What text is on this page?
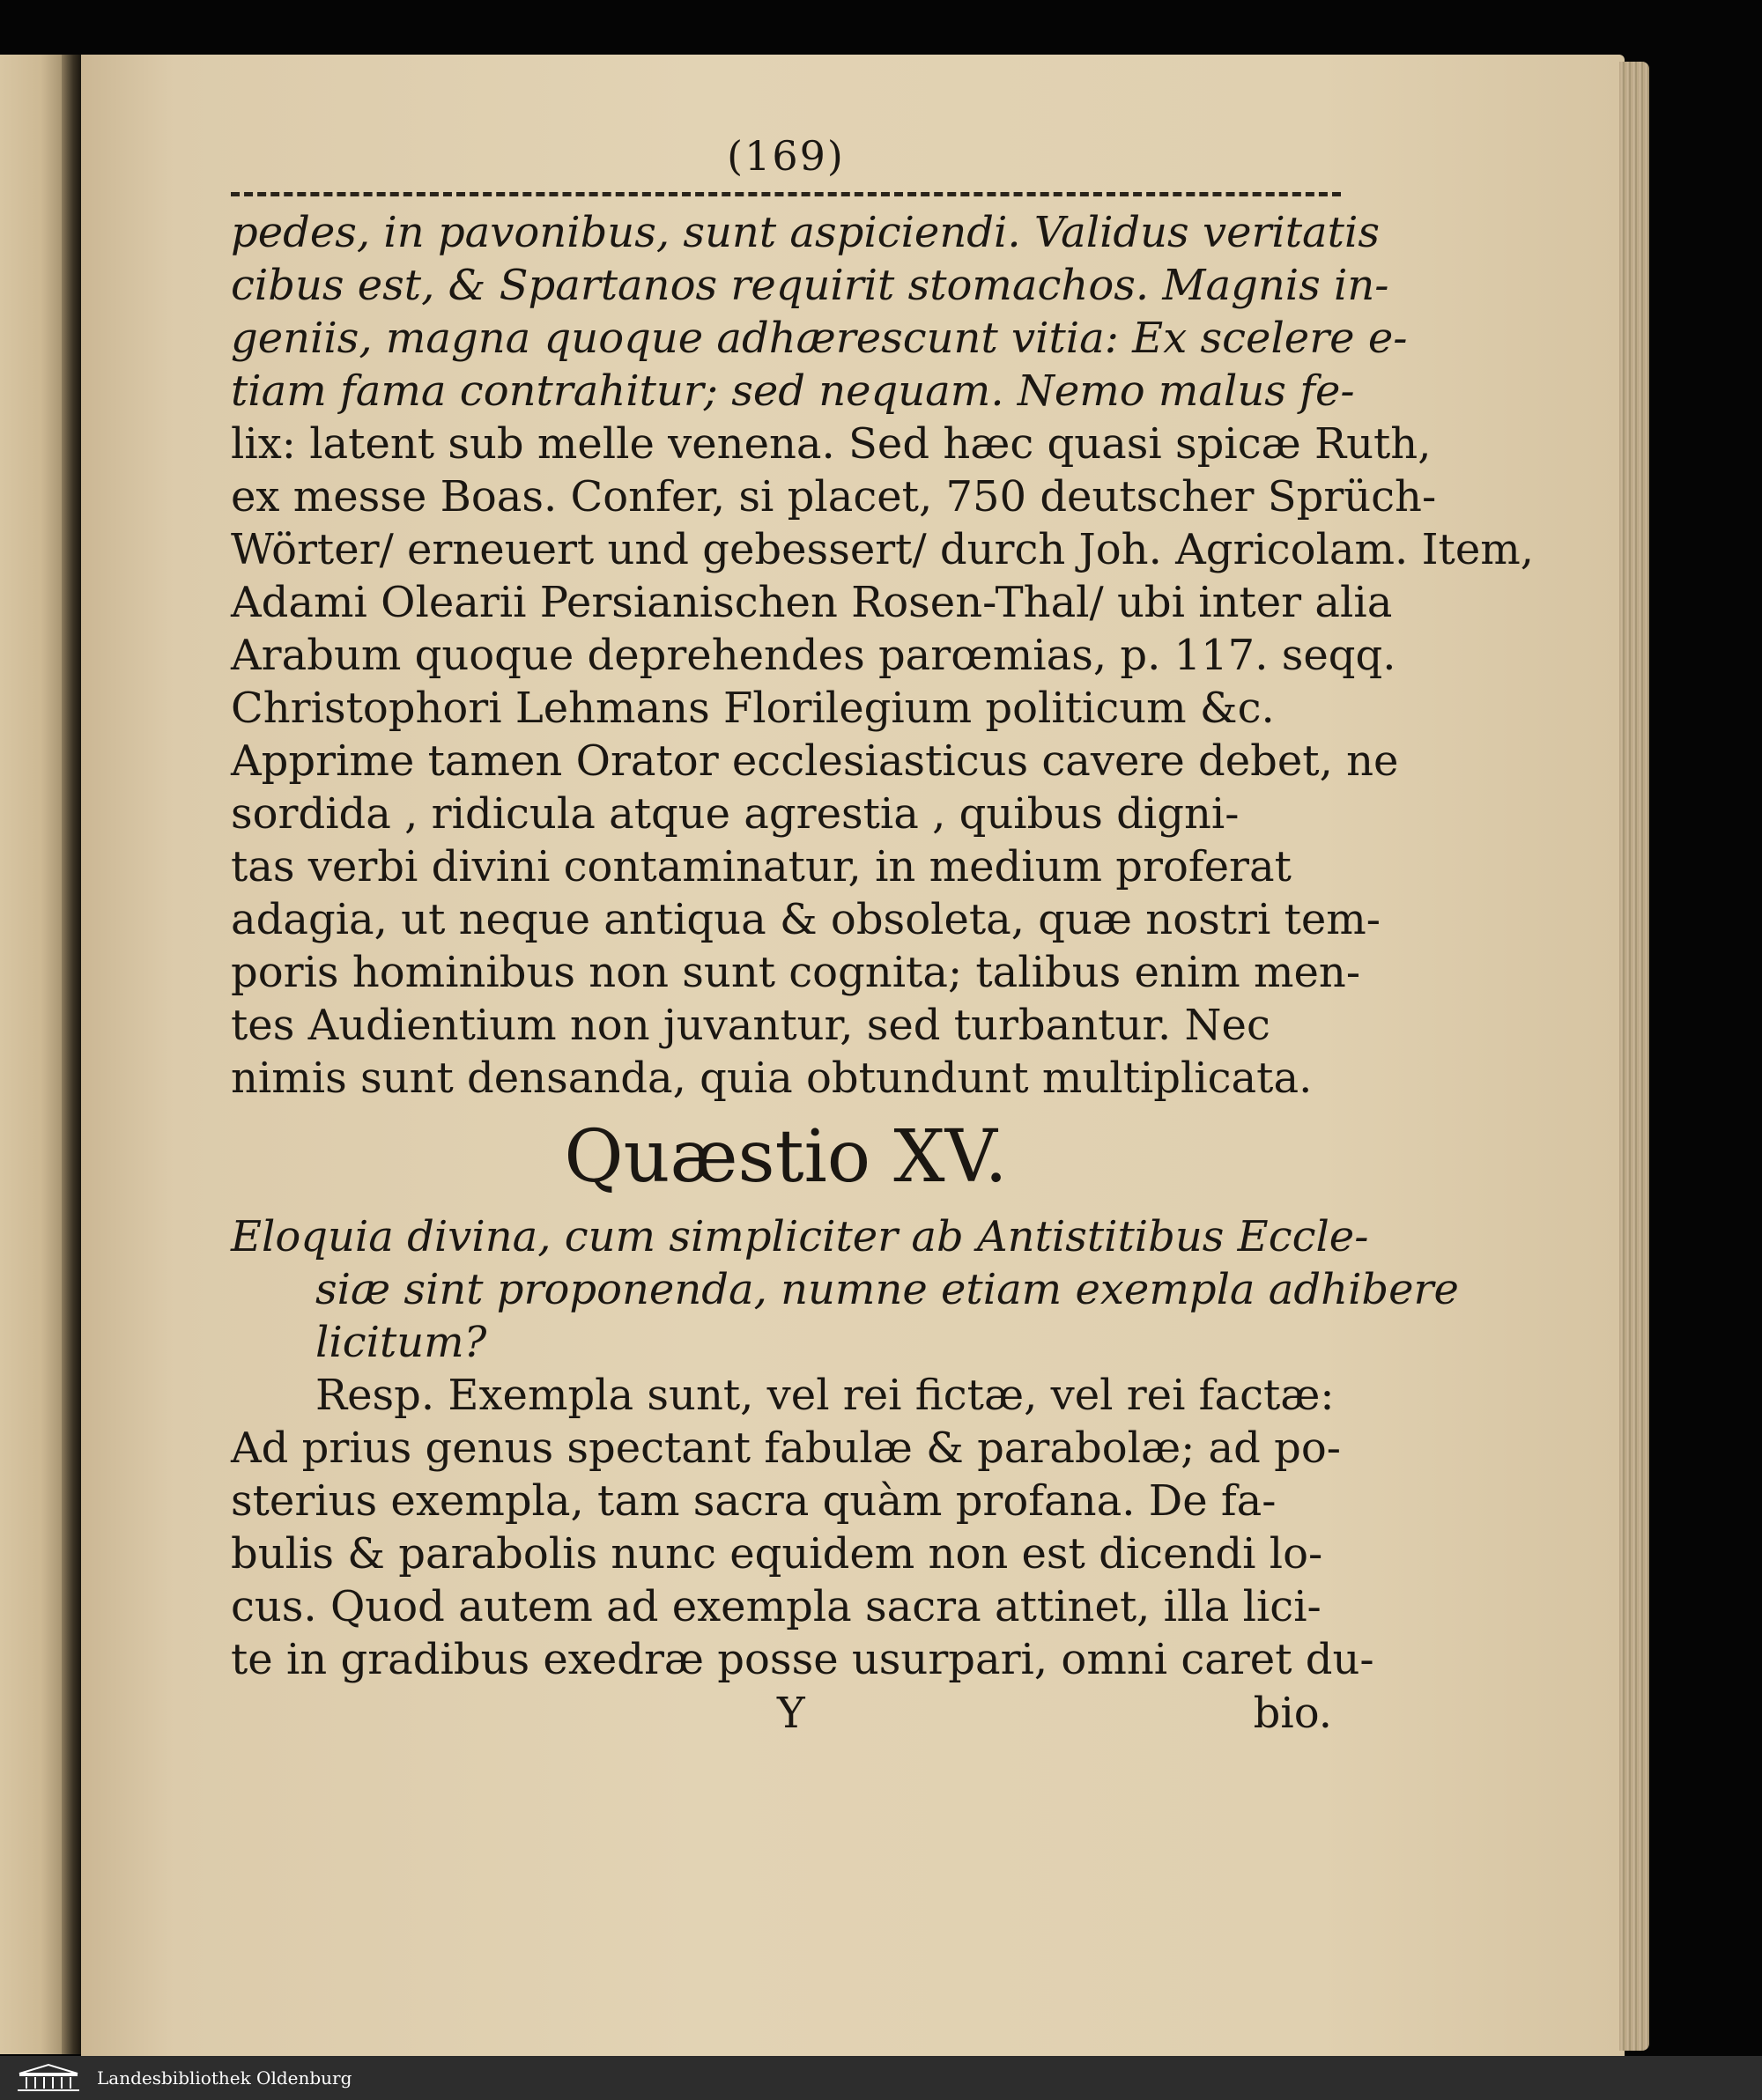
(169)
pedes, in pavonibus, sunt aspiciendi. Validus veritatis
cibus est, & Spartanos requirit stomachos. Magnis in-
geniis, magna quoque adhærescunt vitia: Ex scelere e-
tiam fama contrahitur; sed nequam. Nemo malus fe-
lix: latent sub melle venena. Sed hæc quasi spicæ Ruth,
ex messe Boas. Confer, si placet, 750 deutscher Sprüch-
Wörter/ erneuert und gebessert/ durch Joh. Agricolam. Item,
Adami Olearii Persianischen Rosen-Thal/ ubi inter alia
Arabum quoque deprehendes parœmias, p. 117. seqq.
Christophori Lehmans Florilegium politicum &c.
Apprime tamen Orator ecclesiasticus cavere debet, ne
sordida , ridicula atque agrestia , quibus digni-
tas verbi divini contaminatur, in medium proferat
adagia, ut neque antiqua & obsoleta, quæ nostri tem-
poris hominibus non sunt cognita; talibus enim men-
tes Audientium non juvantur, sed turbantur. Nec
nimis sunt densanda, quia obtundunt multiplicata.
Quæstio XV.
Eloquia divina, cum simpliciter ab Antistitibus Eccle-
siæ sint proponenda, numne etiam exempla adhibere
licitum?
Resp. Exempla sunt, vel rei fictæ, vel rei factæ:
Ad prius genus spectant fabulæ & parabolæ; ad po-
sterius exempla, tam sacra quàm profana. De fa-
bulis & parabolis nunc equidem non est dicendi lo-
cus. Quod autem ad exempla sacra attinet, illa lici-
te in gradibus exedræ posse usurpari, omni caret du-
Y	bio.
Landesbibliothek Oldenburg
